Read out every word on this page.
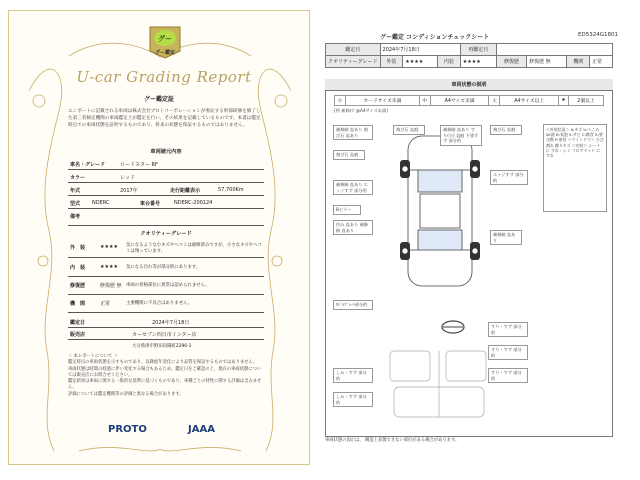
グー
グー鑑定
U-car Grading Report
グー鑑定証
エンポートに記載される車両は株式会社プロトコーポレーションが委託する幹部研修を修了した第三者検定機関の車両鑑定士が鑑定を行い、その結果を記載しているものです。本書は鑑定時点での車両状態を証明するものであり、将来の状態を保証するものではありません。
車両諸元内容
車名・グレード	ロードスター RF
カラー	レッド
年式	2017年	走行距離表示	57,700Km
型式 NDERC	車台番号	NDERC-200124
備考
クオリティーグレード
外　装	★★★★ 気になるような小キズやヘコミは補修済みですが、小さなキズやヘコミは残っています。
内　装	★★★★ 気になる汚れ等が部分的にあります。
修復歴	修復歴 無 車両の骨格部位に異常は認められません。
機　関	正常	主要機関に不具合はありません。
鑑定日	2024年7月18日
販売店	カーセブン四日市インター店
大分県津市野田向陽町2296-1
＜ 本レポートについて ＞
鑑定時点の車両状態を示すものであり、以降経年変化により品質を保証するものではありません。
車両状態は時間の経過に伴い変化する場合もあるため、鑑定日をご確認の上、現在の車両状態については販売店にお問合せください。
鑑定結果は車両に関する一般的な基準に基づくものであり、車種ごとの特性に関する評価は含みません。
評価については鑑定機関等の評価と異なる場合があります。
PROTO	JAAA
グー鑑定 コンディションチェックシート	ED5324G1801
鑑定日	2024年7月18日			再鑑定日				
クオリティーグレード	外装	★★★★	内装	★★★★	修復歴	修復歴 無	機関	正常
車両状態の説明
小	カードサイズ未満	中	A4サイズ未満	大	A4サイズ以上	★	2個以上
[例 補修ｷｽﾞ@A4サイズ未満]
補修跡 直あり 飛び石 直あり
飛び石 直痕	補修跡 直あり すり(小) 直痕 下塗すず 部分的
飛び石 直痕
飛び石 直痕
補修跡 直あり エッジすず 部分的
エッジすず 部分的
Bピラー
凹み 直あり 補修跡 直あり
補修跡 直あり
ｻﾄﾞﾙﾌﾟﾚｰﾄ部分的
すり・すず 部分的
すり・すず 部分的
すり・すず 部分的
しみ・すず 部分的
しみ・すず 部分的
＜外装状況＞ A:キズ U:へこみ W:波 B:気泡 S:サビ C:腐食 X:要交換 P:塗装 ＜ウインドウ＞ ひび割れ 擦りキズ ＜内装＞ シートに すれ・シミ フロアマット に すれ
車両状態の図示は、 構造上表現できない部位がある場合があります。
